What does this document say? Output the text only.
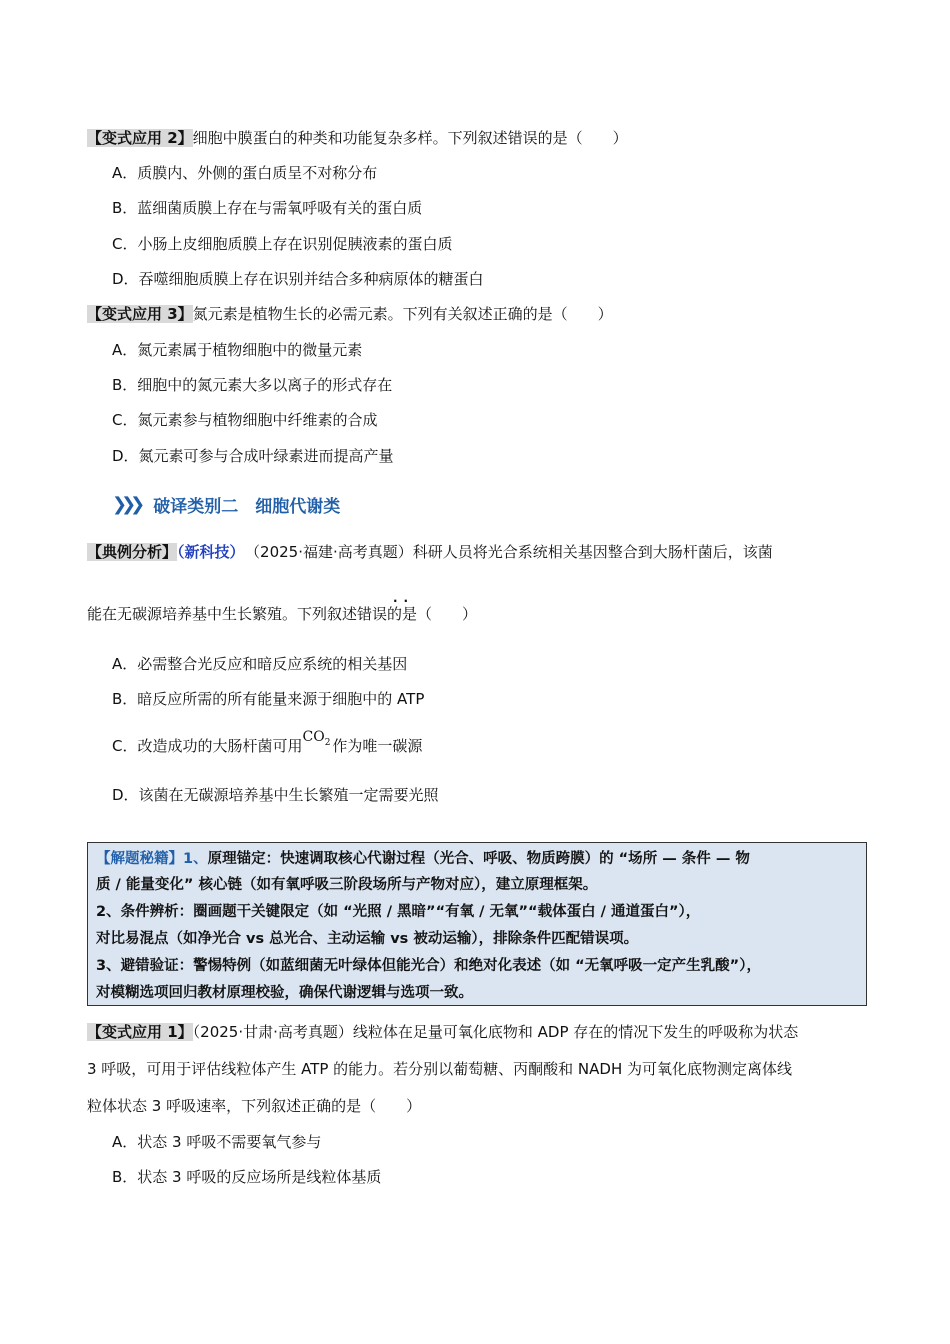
【变式应用 2】细胞中膜蛋白的种类和功能复杂多样。下列叙述错误的是（　　）
A．质膜内、外侧的蛋白质呈不对称分布
B．蓝细菌质膜上存在与需氧呼吸有关的蛋白质
C．小肠上皮细胞质膜上存在识别促胰液素的蛋白质
D．吞噬细胞质膜上存在识别并结合多种病原体的糖蛋白
【变式应用 3】氮元素是植物生长的必需元素。下列有关叙述正确的是（　　）
A．氮元素属于植物细胞中的微量元素
B．细胞中的氮元素大多以离子的形式存在
C．氮元素参与植物细胞中纤维素的合成
D．氮元素可参与合成叶绿素进而提高产量
❯❯❯ 破译类别二　细胞代谢类
【典例分析】（新科技） （2025·福建·高考真题）科研人员将光合系统相关基因整合到大肠杆菌后，该菌
··
能在无碳源培养基中生长繁殖。下列叙述错误的是（　　）
A．必需整合光反应和暗反应系统的相关基因
B．暗反应所需的所有能量来源于细胞中的 ATP
C．改造成功的大肠杆菌可用$CO_2$ 作为唯一碳源
D．该菌在无碳源培养基中生长繁殖一定需要光照
【解题秘籍】1、原理锚定：快速调取核心代谢过程（光合、呼吸、物质跨膜）的 “场所 — 条件 — 物
质 / 能量变化” 核心链（如有氧呼吸三阶段场所与产物对应），建立原理框架。
2、条件辨析：圈画题干关键限定（如 “光照 / 黑暗”“有氧 / 无氧”“载体蛋白 / 通道蛋白”），
对比易混点（如净光合 vs 总光合、主动运输 vs 被动运输），排除条件匹配错误项。
3、避错验证：警惕特例（如蓝细菌无叶绿体但能光合）和绝对化表述（如 “无氧呼吸一定产生乳酸”），
对模糊选项回归教材原理校验，确保代谢逻辑与选项一致。
【变式应用 1】（2025·甘肃·高考真题）线粒体在足量可氧化底物和 ADP 存在的情况下发生的呼吸称为状态
3 呼吸，可用于评估线粒体产生 ATP 的能力。若分别以葡萄糖、丙酮酸和 NADH 为可氧化底物测定离体线
粒体状态 3 呼吸速率，下列叙述正确的是（　　）
A．状态 3 呼吸不需要氧气参与
B．状态 3 呼吸的反应场所是线粒体基质
